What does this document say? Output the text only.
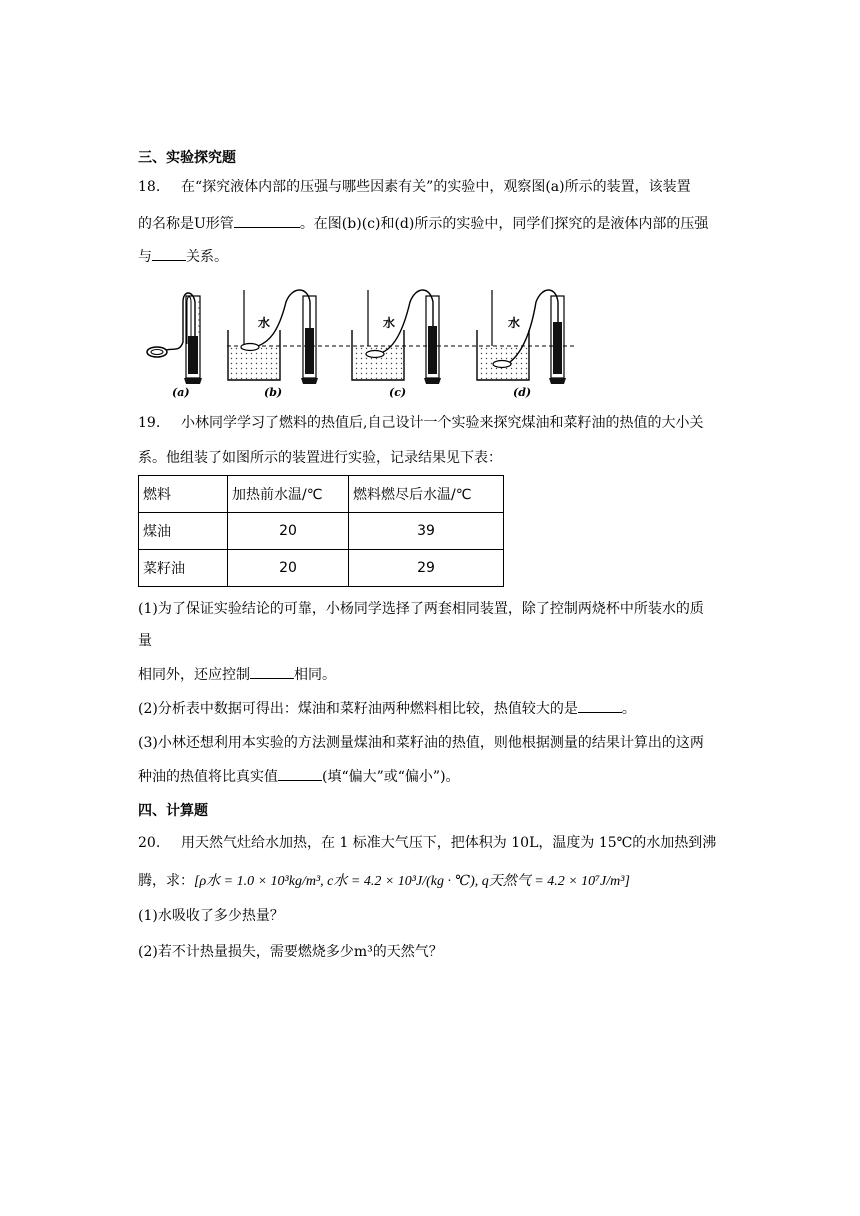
三、实验探究题
18. 在“探究液体内部的压强与哪些因素有关”的实验中，观察图(a)所示的装置，该装置
的名称是U形管	。在图(b)(c)和(d)所示的实验中，同学们探究的是液体内部的压强
与 关系。
水	水	水
(a)	(b)	(c)	(d)
19. 小林同学学习了燃料的热值后,自己设计一个实验来探究煤油和菜籽油的热值的大小关
系。他组装了如图所示的装置进行实验，记录结果见下表：
燃料	加热前水温/℃	燃料燃尽后水温/℃
煤油	20	39
菜籽油	20	29
(1)为了保证实验结论的可靠，小杨同学选择了两套相同装置，除了控制两烧杯中所装水的质
量
相同外，还应控制	相同。
(2)分析表中数据可得出：煤油和菜籽油两种燃料相比较，热值较大的是	。
(3)小林还想利用本实验的方法测量煤油和菜籽油的热值，则他根据测量的结果计算出的这两
种油的热值将比真实值	(填“偏大”或“偏小”)。
四、计算题
20. 用天然气灶给水加热，在 1 标准大气压下，把体积为 10L，温度为 15℃的水加热到沸
腾，求：[ρ水 = 1.0 × 10³kg/m³, c水 = 4.2 × 10³J/(kg · ℃), q天然气 = 4.2 × 10⁷J/m³]
(1)水吸收了多少热量？
(2)若不计热量损失，需要燃烧多少m³的天然气？
